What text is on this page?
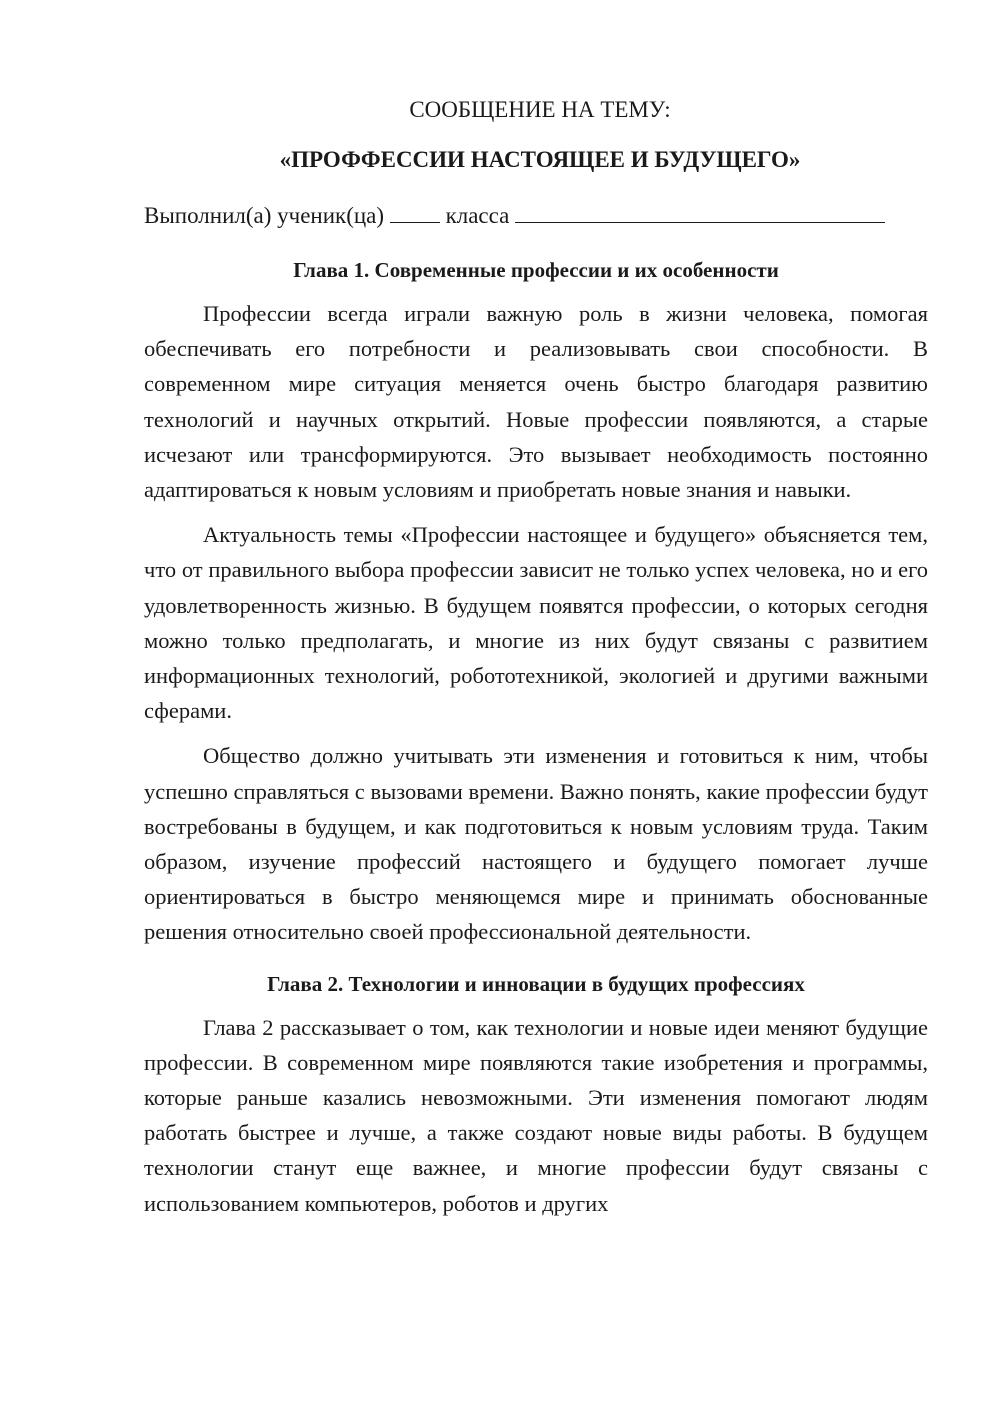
СООБЩЕНИЕ НА ТЕМУ:
«ПРОФФЕССИИ НАСТОЯЩЕЕ И БУДУЩЕГО»
Выполнил(а) ученик(ца)	класса
Глава 1. Современные профессии и их особенности

Профессии всегда играли важную роль в жизни человека, помогая обеспечивать его потребности и реализовывать свои способности. В современном мире ситуация меняется очень быстро благодаря развитию технологий и научных открытий. Новые профессии появляются, а старые исчезают или трансформируются. Это вызывает необходимость постоянно адаптироваться к новым условиям и приобретать новые знания и навыки.

Актуальность темы «Профессии настоящее и будущего» объясняется тем, что от правильного выбора профессии зависит не только успех человека, но и его удовлетворенность жизнью. В будущем появятся профессии, о которых сегодня можно только предполагать, и многие из них будут связаны с развитием информационных технологий, робототехникой, экологией и другими важными сферами.

Общество должно учитывать эти изменения и готовиться к ним, чтобы успешно справляться с вызовами времени. Важно понять, какие профессии будут востребованы в будущем, и как подготовиться к новым условиям труда. Таким образом, изучение профессий настоящего и будущего помогает лучше ориентироваться в быстро меняющемся мире и принимать обоснованные решения относительно своей профессиональной деятельности.

Глава 2. Технологии и инновации в будущих профессиях

Глава 2 рассказывает о том, как технологии и новые идеи меняют будущие профессии. В современном мире появляются такие изобретения и программы, которые раньше казались невозможными. Эти изменения помогают людям работать быстрее и лучше, а также создают новые виды работы. В будущем технологии станут еще важнее, и многие профессии будут связаны с использованием компьютеров, роботов и других
